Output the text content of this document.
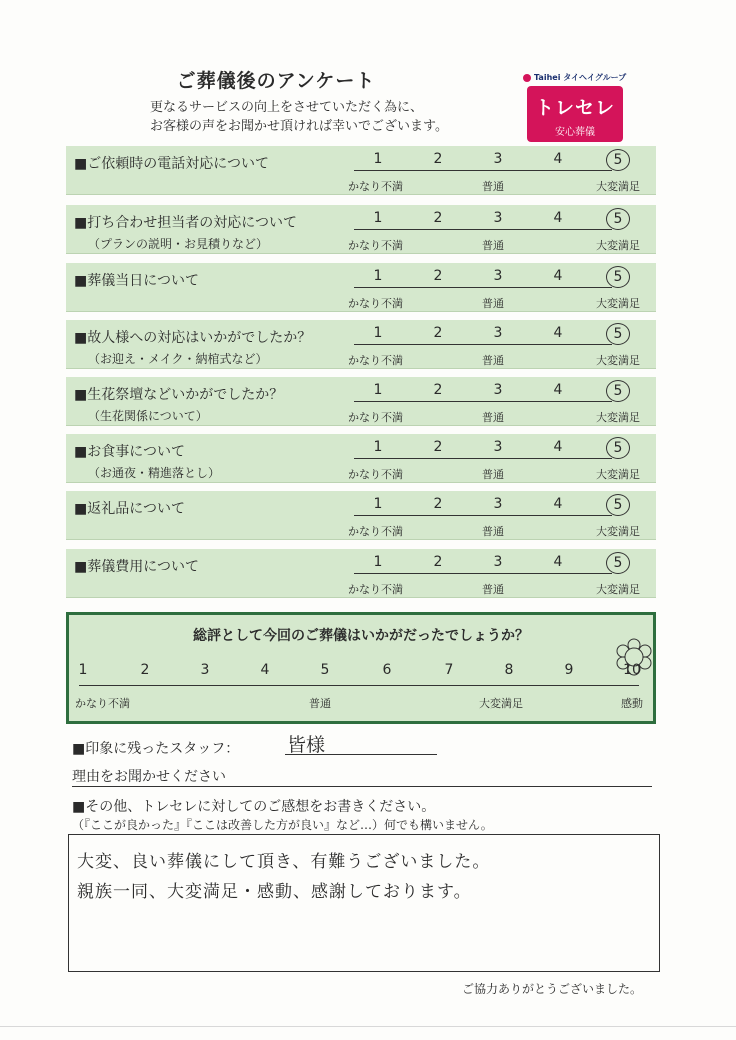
ご葬儀後のアンケート
更なるサービスの向上をさせていただく為に、
お客様の声をお聞かせ頂ければ幸いでございます。
Taihei タイヘイグループ
トレセレ
安心葬儀
■ご依頼時の電話対応について	1	2	3	4	5
かなり不満	普通	大変満足
■打ち合わせ担当者の対応について
（プランの説明・お見積りなど）
1	2	3	4	5
かなり不満	普通	大変満足
■葬儀当日について	1	2	3	4	5
かなり不満	普通	大変満足
■故人様への対応はいかがでしたか？
（お迎え・メイク・納棺式など）
1	2	3	4	5
かなり不満	普通	大変満足
■生花祭壇などいかがでしたか？
（生花関係について）
1	2	3	4	5
かなり不満	普通	大変満足
■お食事について
（お通夜・精進落とし）
1	2	3	4	5
かなり不満	普通	大変満足
■返礼品について	1	2	3	4	5
かなり不満	普通	大変満足
■葬儀費用について	1	2	3	4	5
かなり不満	普通	大変満足
総評として今回のご葬儀はいかがだったでしょうか？
1	2	3	4	5	6	7	8	9	10
かなり不満	普通	大変満足	感動
■印象に残ったスタッフ：	皆様
理由をお聞かせください
■その他、トレセレに対してのご感想をお書きください。
（『ここが良かった』『ここは改善した方が良い』など…）何でも構いません。
大変、良い葬儀にして頂き、有難うございました。
親族一同、大変満足・感動、感謝しております。
ご協力ありがとうございました。
